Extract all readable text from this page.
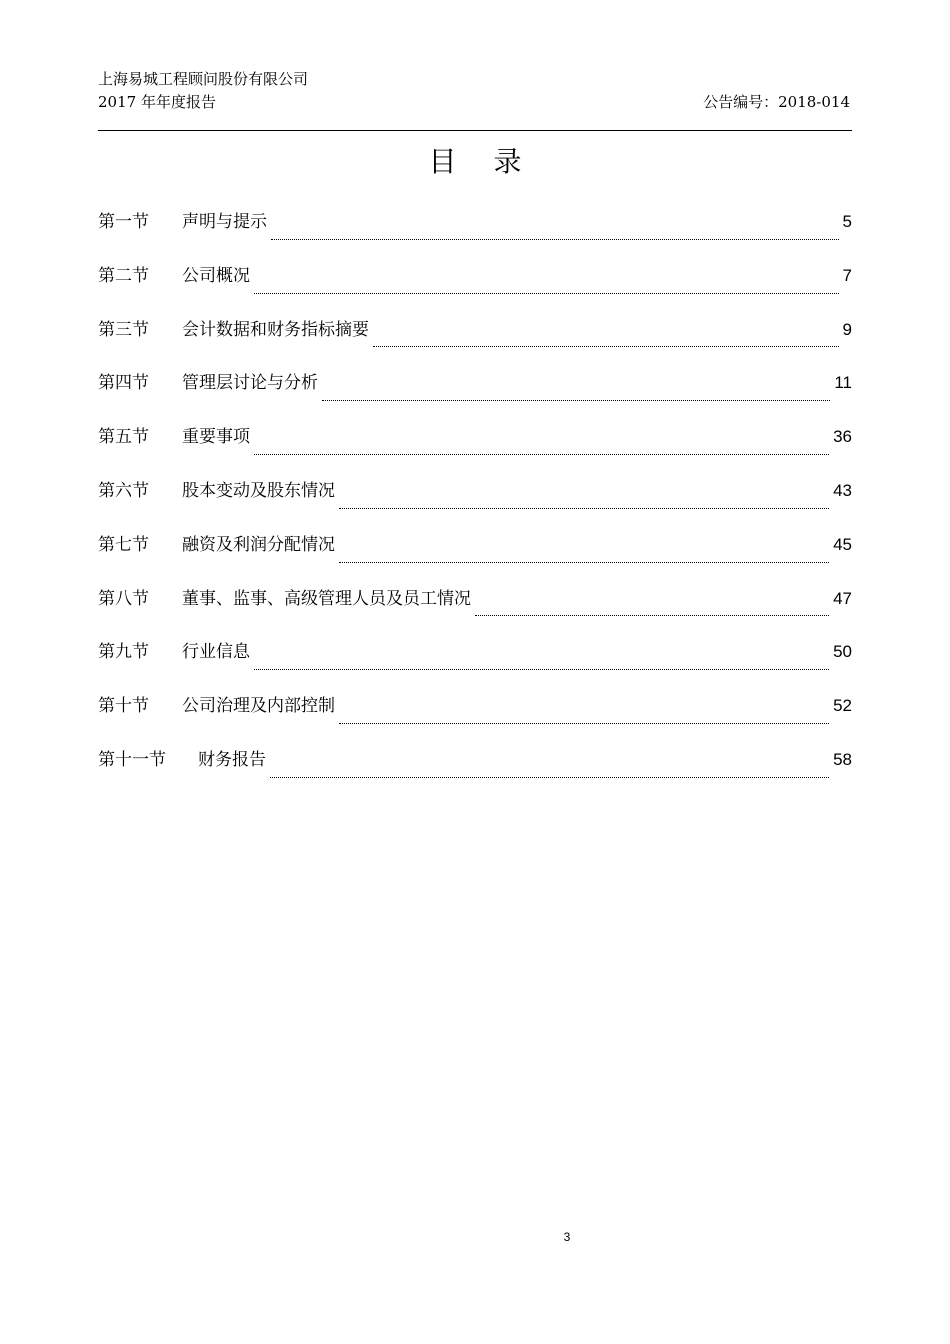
上海易城工程顾问股份有限公司
2017 年年度报告	公告编号：2018-014
目 录
第一节	声明与提示	5
第二节	公司概况	7
第三节	会计数据和财务指标摘要	9
第四节	管理层讨论与分析	11
第五节	重要事项	36
第六节	股本变动及股东情况	43
第七节	融资及利润分配情况	45
第八节	董事、监事、高级管理人员及员工情况	47
第九节	行业信息	50
第十节	公司治理及内部控制	52
第十一节	财务报告	58
3
